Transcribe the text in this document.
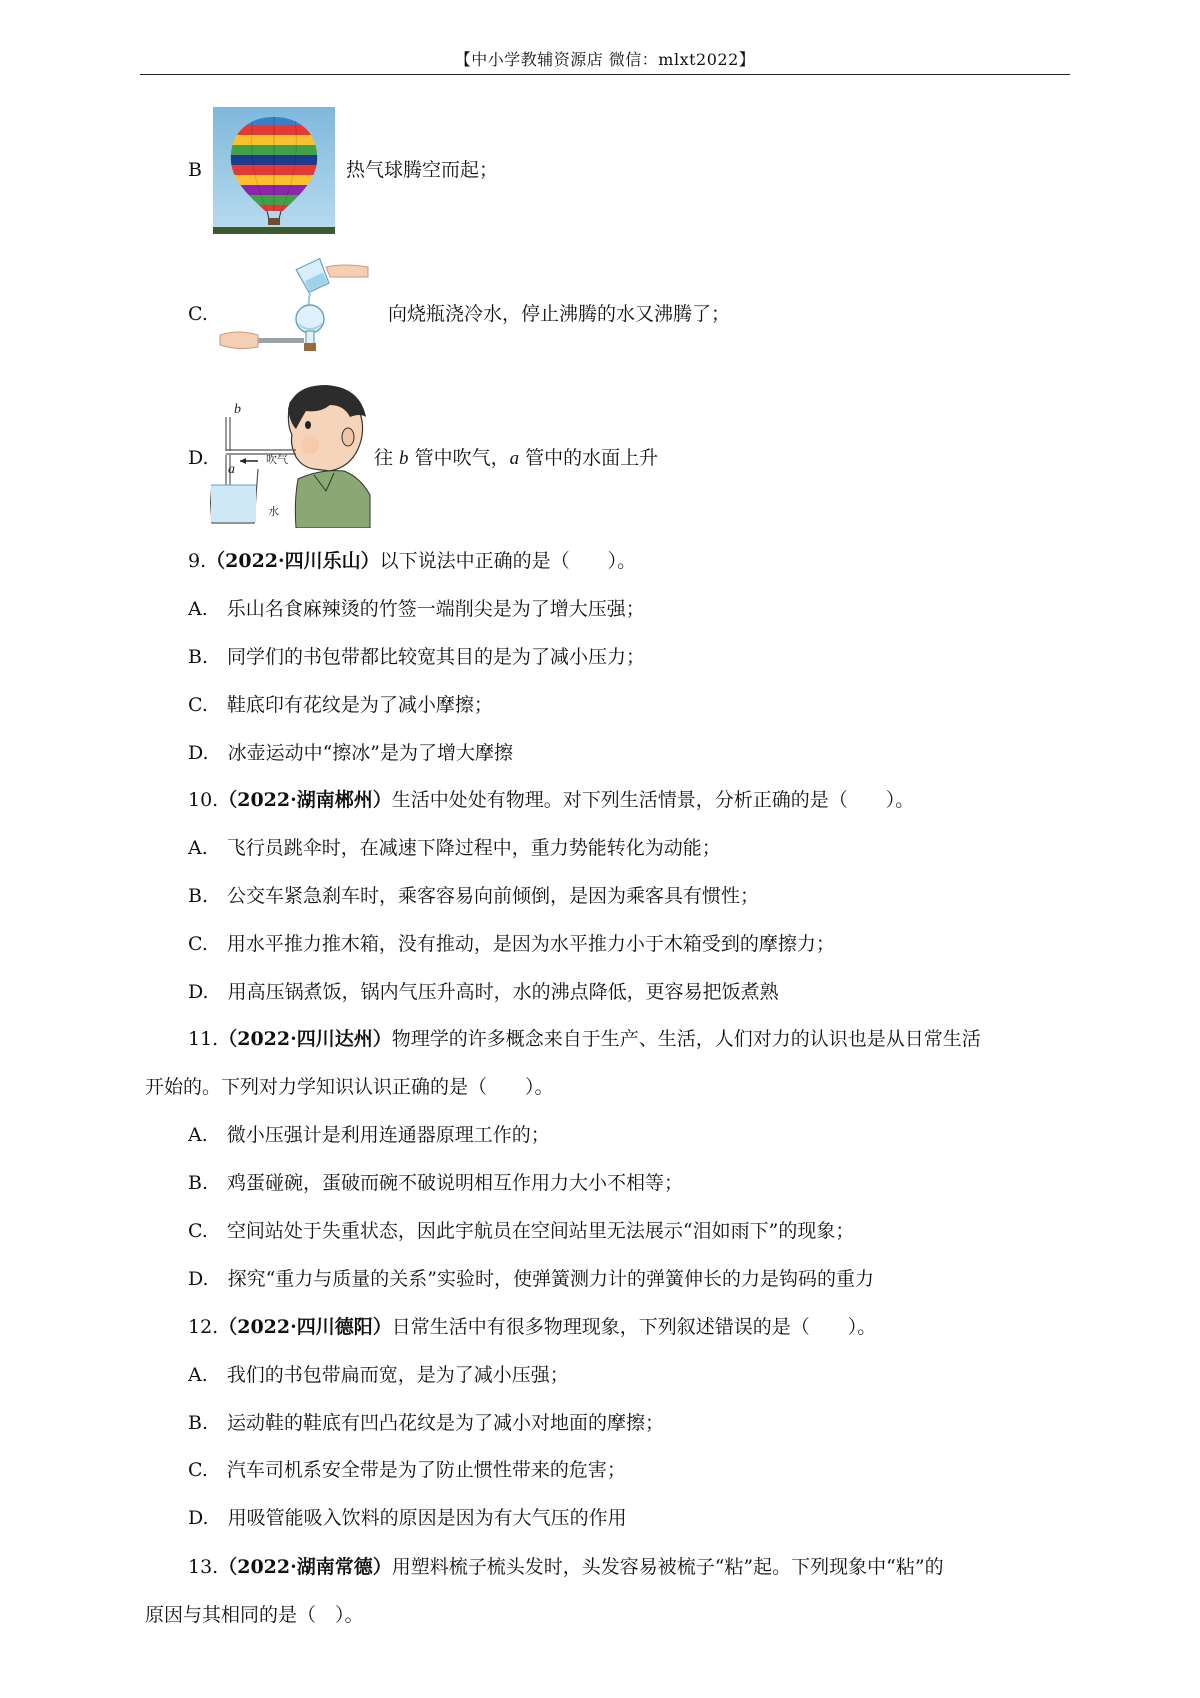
【中小学教辅资源店 微信：mlxt2022】
B	热气球腾空而起；
C.	向烧瓶浇冷水，停止沸腾的水又沸腾了；
D.
b
a
吹气
水
往 b 管中吹气，a 管中的水面上升
9.（2022·四川乐山）以下说法中正确的是（　　）。
A.　乐山名食麻辣烫的竹签一端削尖是为了增大压强；
B.　同学们的书包带都比较宽其目的是为了减小压力；
C.　鞋底印有花纹是为了减小摩擦；
D.　冰壶运动中“擦冰”是为了增大摩擦
10.（2022·湖南郴州）生活中处处有物理。对下列生活情景，分析正确的是（　　）。
A.　飞行员跳伞时，在减速下降过程中，重力势能转化为动能；
B.　公交车紧急刹车时，乘客容易向前倾倒，是因为乘客具有惯性；
C.　用水平推力推木箱，没有推动，是因为水平推力小于木箱受到的摩擦力；
D.　用高压锅煮饭，锅内气压升高时，水的沸点降低，更容易把饭煮熟
11.（2022·四川达州）物理学的许多概念来自于生产、生活，人们对力的认识也是从日常生活
开始的。下列对力学知识认识正确的是（　　）。
A.　微小压强计是利用连通器原理工作的；
B.　鸡蛋碰碗，蛋破而碗不破说明相互作用力大小不相等；
C.　空间站处于失重状态，因此宇航员在空间站里无法展示“泪如雨下”的现象；
D.　探究“重力与质量的关系”实验时，使弹簧测力计的弹簧伸长的力是钩码的重力
12.（2022·四川德阳）日常生活中有很多物理现象，下列叙述错误的是（　　）。
A.　我们的书包带扁而宽，是为了减小压强；
B.　运动鞋的鞋底有凹凸花纹是为了减小对地面的摩擦；
C.　汽车司机系安全带是为了防止惯性带来的危害；
D.　用吸管能吸入饮料的原因是因为有大气压的作用
13.（2022·湖南常德）用塑料梳子梳头发时，头发容易被梳子“粘”起。下列现象中“粘”的
原因与其相同的是（　）。
